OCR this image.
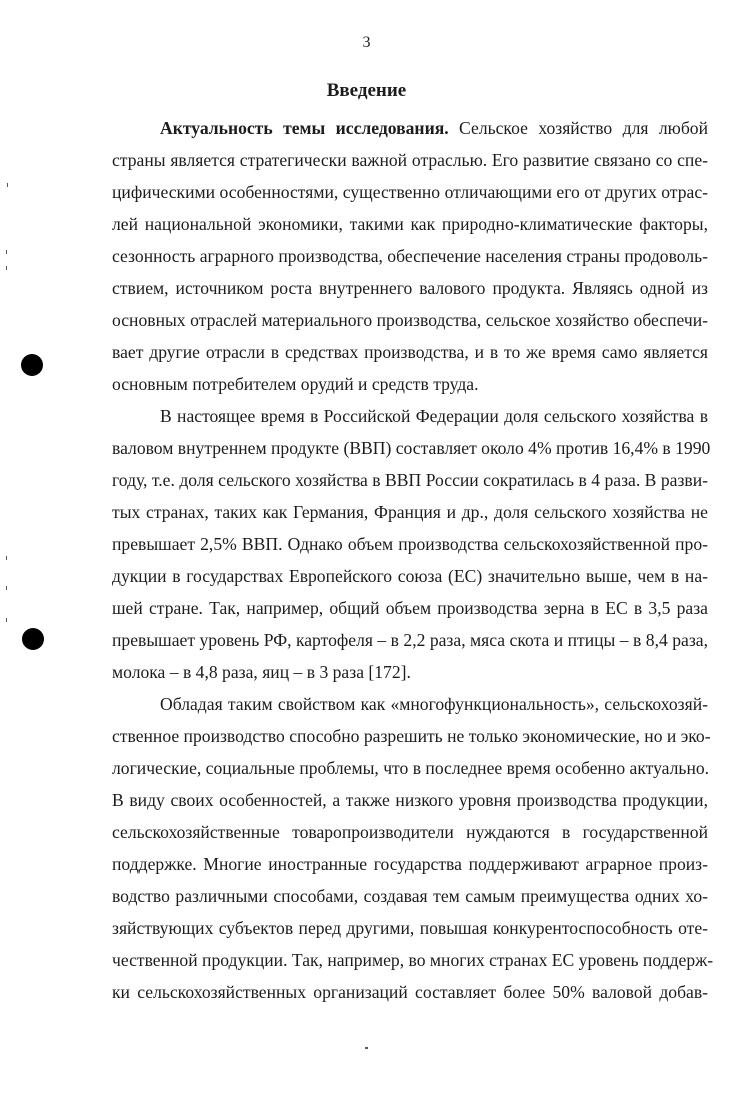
3
Введение
Актуальность темы исследования. Сельское хозяйство для любой
страны является стратегически важной отраслью. Его развитие связано со спе-
цифическими особенностями, существенно отличающими его от других отрас-
лей национальной экономики, такими как природно-климатические факторы,
сезонность аграрного производства, обеспечение населения страны продоволь-
ствием, источником роста внутреннего валового продукта. Являясь одной из
основных отраслей материального производства, сельское хозяйство обеспечи-
вает другие отрасли в средствах производства, и в то же время само является
основным потребителем орудий и средств труда.
В настоящее время в Российской Федерации доля сельского хозяйства в
валовом внутреннем продукте (ВВП) составляет около 4% против 16,4% в 1990
году, т.е. доля сельского хозяйства в ВВП России сократилась в 4 раза. В разви-
тых странах, таких как Германия, Франция и др., доля сельского хозяйства не
превышает 2,5% ВВП. Однако объем производства сельскохозяйственной про-
дукции в государствах Европейского союза (ЕС) значительно выше, чем в на-
шей стране. Так, например, общий объем производства зерна в ЕС в 3,5 раза
превышает уровень РФ, картофеля – в 2,2 раза, мяса скота и птицы – в 8,4 раза,
молока – в 4,8 раза, яиц – в 3 раза [172].
Обладая таким свойством как «многофункциональность», сельскохозяй-
ственное производство способно разрешить не только экономические, но и эко-
логические, социальные проблемы, что в последнее время особенно актуально.
В виду своих особенностей, а также низкого уровня производства продукции,
сельскохозяйственные товаропроизводители нуждаются в государственной
поддержке. Многие иностранные государства поддерживают аграрное произ-
водство различными способами, создавая тем самым преимущества одних хо-
зяйствующих субъектов перед другими, повышая конкурентоспособность оте-
чественной продукции. Так, например, во многих странах ЕС уровень поддерж-
ки сельскохозяйственных организаций составляет более 50% валовой добав-
